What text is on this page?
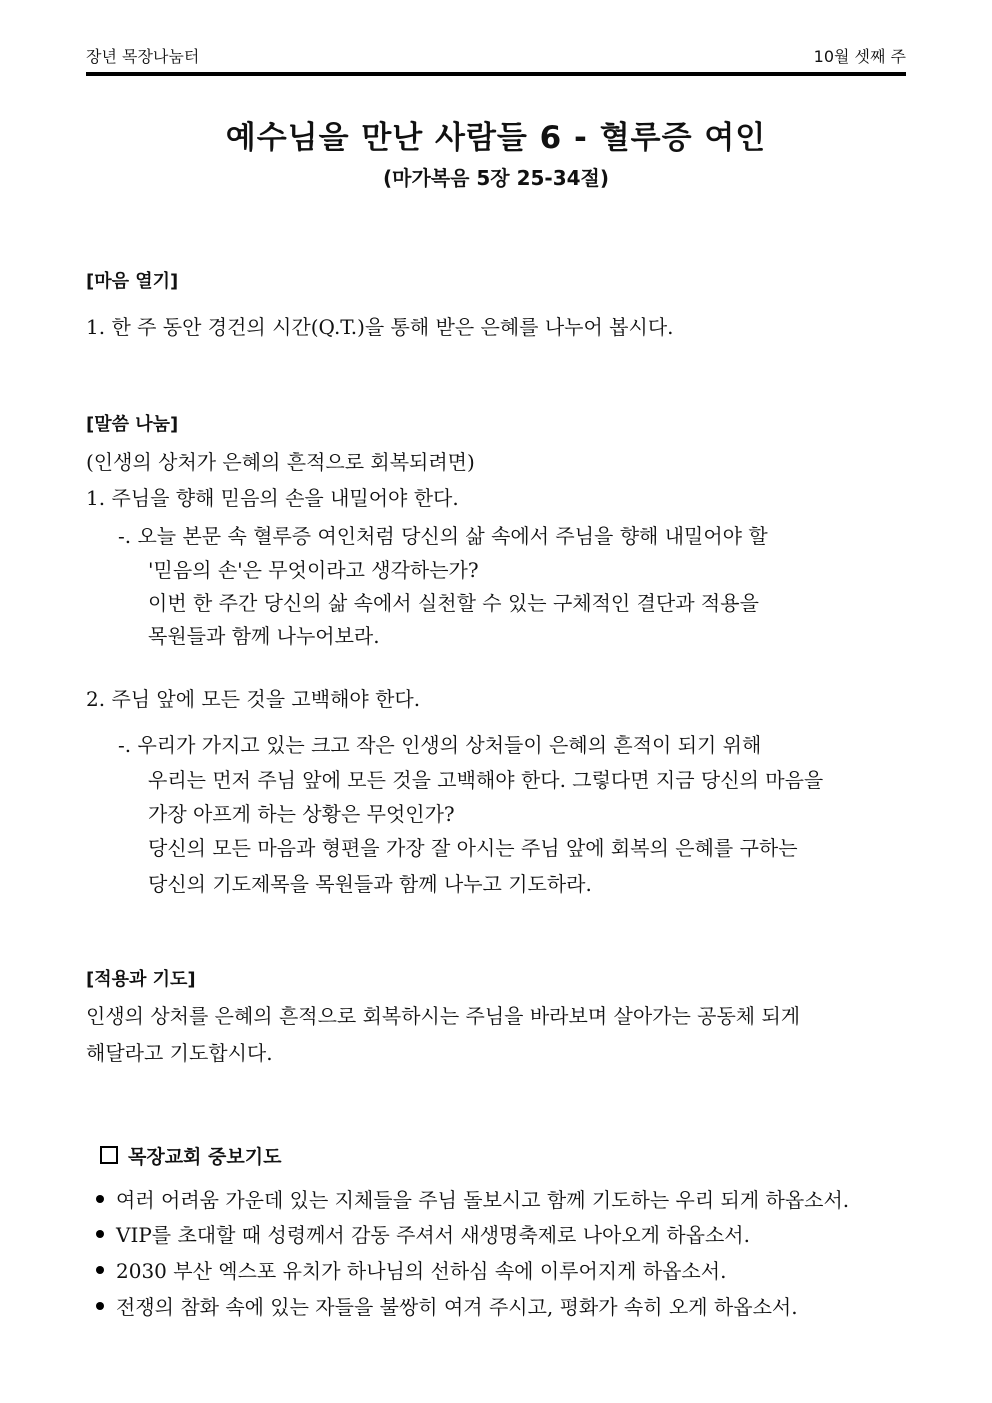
장년 목장나눔터	10월 셋째 주
예수님을 만난 사람들 6 - 혈루증 여인
(마가복음 5장 25-34절)
[마음 열기]
1. 한 주 동안 경건의 시간(Q.T.)을 통해 받은 은혜를 나누어 봅시다.
[말씀 나눔]
(인생의 상처가 은혜의 흔적으로 회복되려면)
1. 주님을 향해 믿음의 손을 내밀어야 한다.
-. 오늘 본문 속 혈루증 여인처럼 당신의 삶 속에서 주님을 향해 내밀어야 할
'믿음의 손'은 무엇이라고 생각하는가?
이번 한 주간 당신의 삶 속에서 실천할 수 있는 구체적인 결단과 적용을
목원들과 함께 나누어보라.
2. 주님 앞에 모든 것을 고백해야 한다.
-. 우리가 가지고 있는 크고 작은 인생의 상처들이 은혜의 흔적이 되기 위해
우리는 먼저 주님 앞에 모든 것을 고백해야 한다. 그렇다면 지금 당신의 마음을
가장 아프게 하는 상황은 무엇인가?
당신의 모든 마음과 형편을 가장 잘 아시는 주님 앞에 회복의 은혜를 구하는
당신의 기도제목을 목원들과 함께 나누고 기도하라.
[적용과 기도]
인생의 상처를 은혜의 흔적으로 회복하시는 주님을 바라보며 살아가는 공동체 되게
해달라고 기도합시다.
목장교회 중보기도
여러 어려움 가운데 있는 지체들을 주님 돌보시고 함께 기도하는 우리 되게 하옵소서.
VIP를 초대할 때 성령께서 감동 주셔서 새생명축제로 나아오게 하옵소서.
2030 부산 엑스포 유치가 하나님의 선하심 속에 이루어지게 하옵소서.
전쟁의 참화 속에 있는 자들을 불쌍히 여겨 주시고, 평화가 속히 오게 하옵소서.
